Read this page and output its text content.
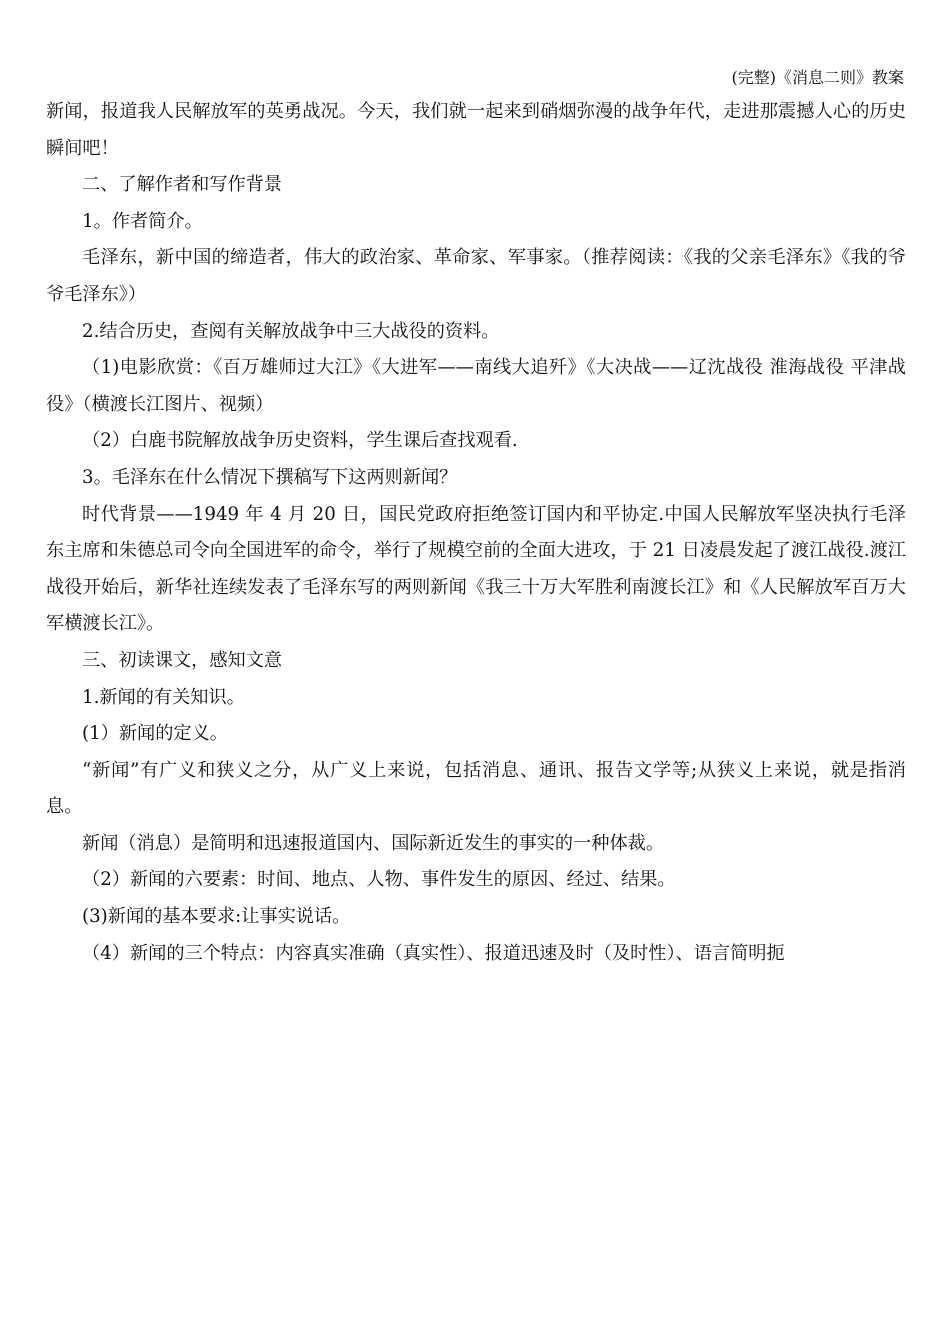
(完整)《消息二则》教案

新闻，报道我人民解放军的英勇战况。今天，我们就一起来到硝烟弥漫的战争年代，走进那震撼人心的历史瞬间吧！

二、了解作者和写作背景

1。作者简介。

毛泽东，新中国的缔造者，伟大的政治家、革命家、军事家。（推荐阅读：《我的父亲毛泽东》《我的爷爷毛泽东》）

2.结合历史，查阅有关解放战争中三大战役的资料。

（1)电影欣赏：《百万雄师过大江》《大进军——南线大追歼》《大决战——辽沈战役 淮海战役 平津战役》（横渡长江图片、视频）

（2）白鹿书院解放战争历史资料，学生课后查找观看.

3。毛泽东在什么情况下撰稿写下这两则新闻？

时代背景——1949 年 4 月 20 日，国民党政府拒绝签订国内和平协定.中国人民解放军坚决执行毛泽东主席和朱德总司令向全国进军的命令，举行了规模空前的全面大进攻，于 21 日凌晨发起了渡江战役.渡江战役开始后，新华社连续发表了毛泽东写的两则新闻《我三十万大军胜利南渡长江》和《人民解放军百万大军横渡长江》。

三、初读课文，感知文意

1.新闻的有关知识。

(1）新闻的定义。

“新闻”有广义和狭义之分，从广义上来说，包括消息、通讯、报告文学等;从狭义上来说，就是指消息。

新闻（消息）是简明和迅速报道国内、国际新近发生的事实的一种体裁。

（2）新闻的六要素：时间、地点、人物、事件发生的原因、经过、结果。

(3)新闻的基本要求:让事实说话。

（4）新闻的三个特点：内容真实准确（真实性）、报道迅速及时（及时性）、语言简明扼
